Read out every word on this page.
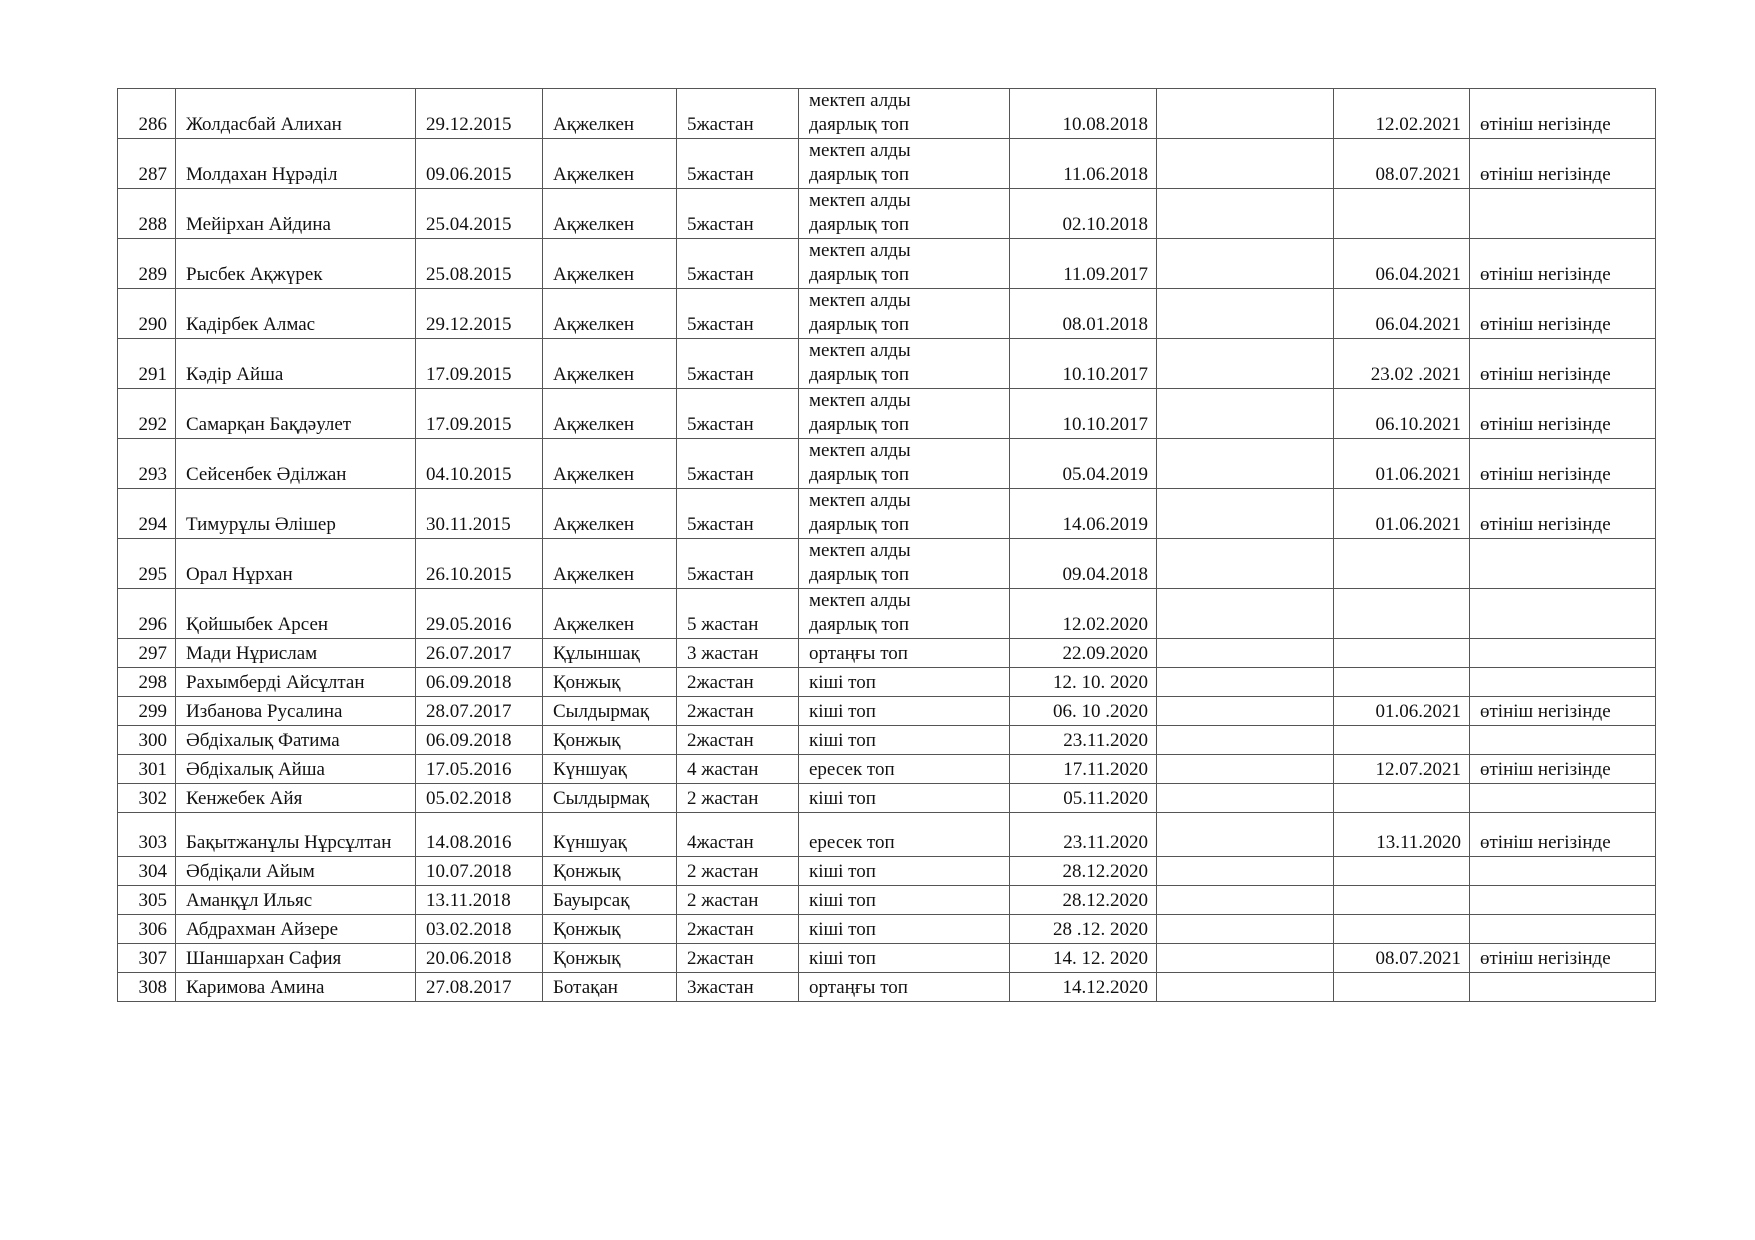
286	Жолдасбай Алихан	29.12.2015	Ақжелкен	5жастан	мектеп алды
даярлық топ	10.08.2018		12.02.2021	өтініш негізінде
287	Молдахан Нұрәділ	09.06.2015	Ақжелкен	5жастан	мектеп алды
даярлық топ	11.06.2018		08.07.2021	өтініш негізінде
288	Мейірхан Айдина	25.04.2015	Ақжелкен	5жастан	мектеп алды
даярлық топ	02.10.2018			
289	Рысбек Ақжүрек	25.08.2015	Ақжелкен	5жастан	мектеп алды
даярлық топ	11.09.2017		06.04.2021	өтініш негізінде
290	Кадірбек Алмас	29.12.2015	Ақжелкен	5жастан	мектеп алды
даярлық топ	08.01.2018		06.04.2021	өтініш негізінде
291	Кәдір Айша	17.09.2015	Ақжелкен	5жастан	мектеп алды
даярлық топ	10.10.2017		23.02 .2021	өтініш негізінде
292	Самарқан Бақдәулет	17.09.2015	Ақжелкен	5жастан	мектеп алды
даярлық топ	10.10.2017		06.10.2021	өтініш негізінде
293	Сейсенбек Әділжан	04.10.2015	Ақжелкен	5жастан	мектеп алды
даярлық топ	05.04.2019		01.06.2021	өтініш негізінде
294	Тимурұлы Әлішер	30.11.2015	Ақжелкен	5жастан	мектеп алды
даярлық топ	14.06.2019		01.06.2021	өтініш негізінде
295	Орал Нұрхан	26.10.2015	Ақжелкен	5жастан	мектеп алды
даярлық топ	09.04.2018			
296	Қойшыбек Арсен	29.05.2016	Ақжелкен	5 жастан	мектеп алды
даярлық топ	12.02.2020			
297	Мади Нұрислам	26.07.2017	Құлыншақ	3 жастан	ортаңғы топ	22.09.2020			
298	Рахымберді Айсұлтан	06.09.2018	Қонжық	2жастан	кіші топ	12. 10. 2020			
299	Избанова Русалина	28.07.2017	Сылдырмақ	2жастан	кіші топ	06. 10 .2020		01.06.2021	өтініш негізінде
300	Әбдіхалық Фатима	06.09.2018	Қонжық	2жастан	кіші топ	23.11.2020			
301	Әбдіхалық Айша	17.05.2016	Күншуақ	4 жастан	ересек топ	17.11.2020		12.07.2021	өтініш негізінде
302	Кенжебек Айя	05.02.2018	Сылдырмақ	2 жастан	кіші топ	05.11.2020			
303	Бақытжанұлы Нұрсұлтан	14.08.2016	Күншуақ	4жастан	ересек топ	23.11.2020		13.11.2020	өтініш негізінде
304	Әбдіқали Айым	10.07.2018	Қонжық	2 жастан	кіші топ	28.12.2020			
305	Аманқұл Ильяс	13.11.2018	Бауырсақ	2 жастан	кіші топ	28.12.2020			
306	Абдрахман Айзере	03.02.2018	Қонжық	2жастан	кіші топ	28 .12. 2020			
307	Шаншархан Сафия	20.06.2018	Қонжық	2жастан	кіші топ	14. 12. 2020		08.07.2021	өтініш негізінде
308	Каримова Амина	27.08.2017	Ботақан	3жастан	ортаңғы топ	14.12.2020			
